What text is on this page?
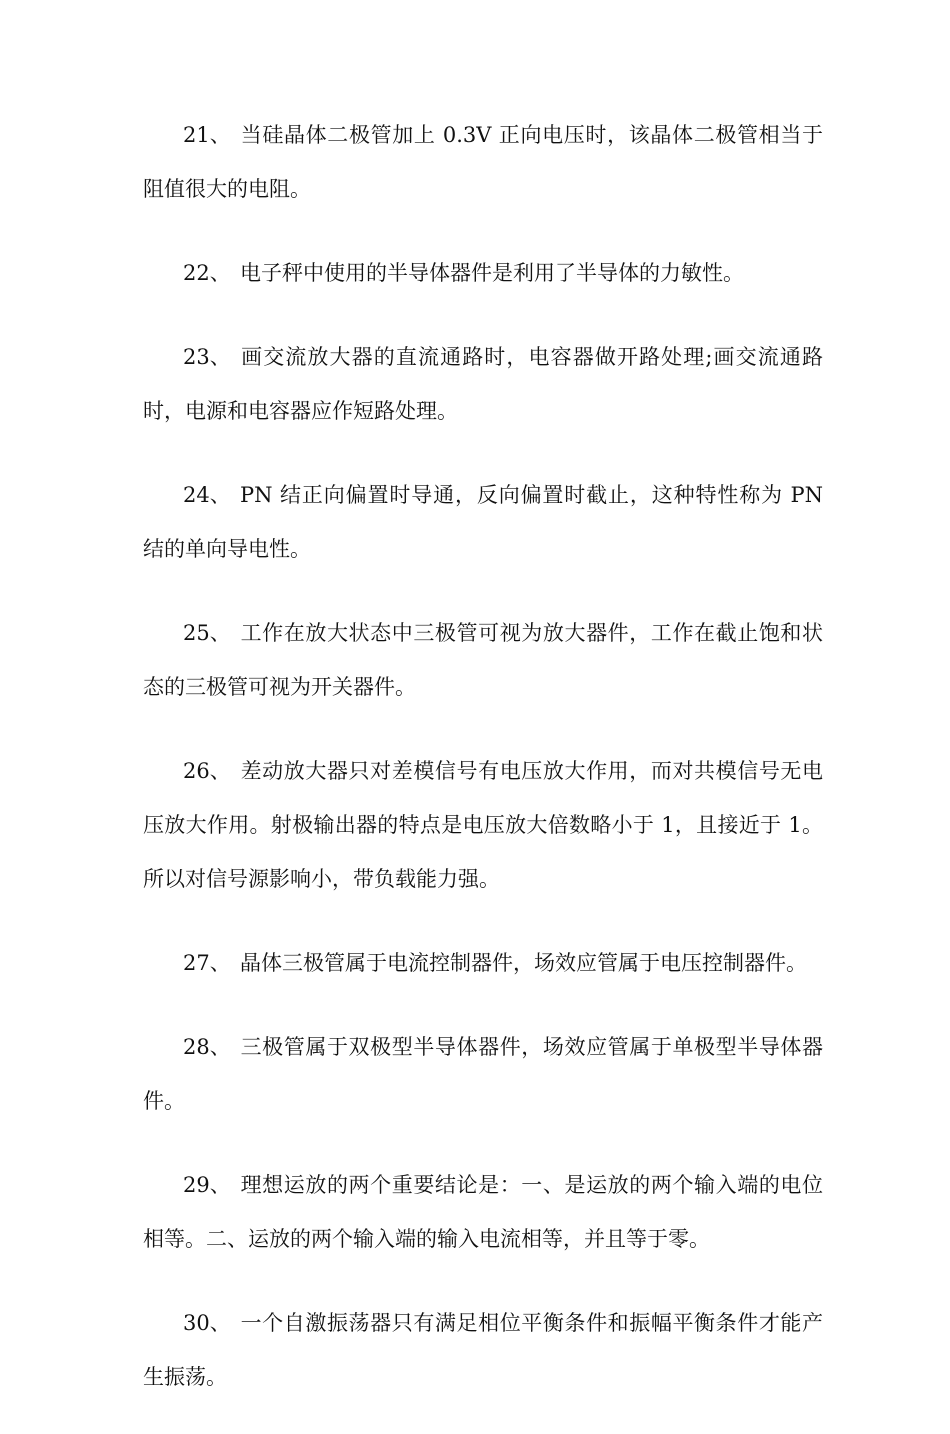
21、 当硅晶体二极管加上 0.3V 正向电压时，该晶体二极管相当于阻值很大的电阻。

22、 电子秤中使用的半导体器件是利用了半导体的力敏性。

23、 画交流放大器的直流通路时，电容器做开路处理;画交流通路时，电源和电容器应作短路处理。

24、 PN 结正向偏置时导通，反向偏置时截止，这种特性称为 PN 结的单向导电性。

25、 工作在放大状态中三极管可视为放大器件，工作在截止饱和状态的三极管可视为开关器件。

26、 差动放大器只对差模信号有电压放大作用，而对共模信号无电压放大作用。射极输出器的特点是电压放大倍数略小于 1，且接近于 1。所以对信号源影响小，带负载能力强。

27、 晶体三极管属于电流控制器件，场效应管属于电压控制器件。

28、 三极管属于双极型半导体器件，场效应管属于单极型半导体器件。

29、 理想运放的两个重要结论是：一、是运放的两个输入端的电位相等。二、运放的两个输入端的输入电流相等，并且等于零。

30、 一个自激振荡器只有满足相位平衡条件和振幅平衡条件才能产生振荡。
